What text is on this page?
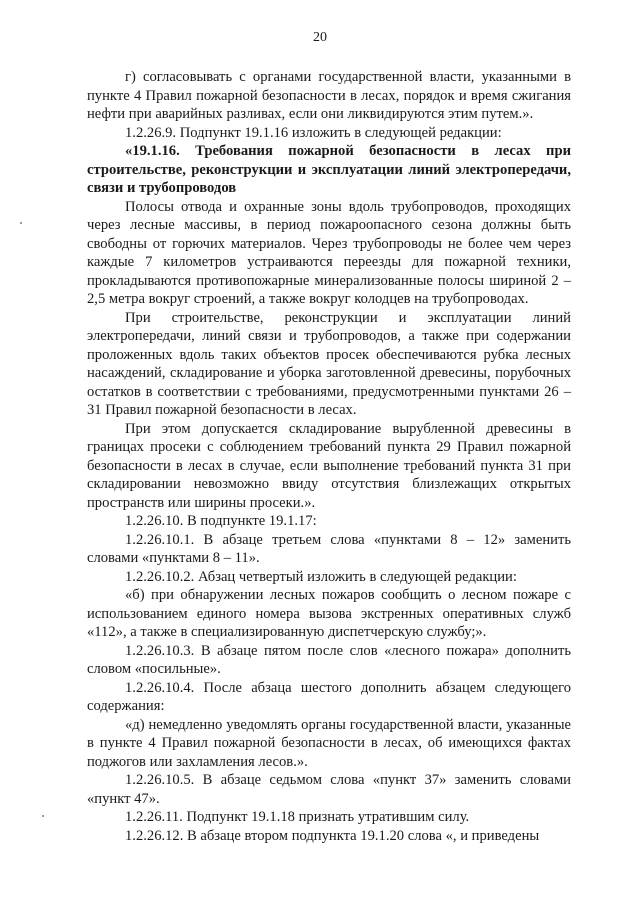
20

г) согласовывать с органами государственной власти, указанными в пункте 4 Правил пожарной безопасности в лесах, порядок и время сжигания нефти при аварийных разливах, если они ликвидируются этим путем.».

1.2.26.9. Подпункт 19.1.16 изложить в следующей редакции:

«19.1.16. Требования пожарной безопасности в лесах при строительстве, реконструкции и эксплуатации линий электропередачи, связи и трубопроводов

Полосы отвода и охранные зоны вдоль трубопроводов, проходящих через лесные массивы, в период пожароопасного сезона должны быть свободны от горючих материалов. Через трубопроводы не более чем через каждые 7 километров устраиваются переезды для пожарной техники, прокладываются противопожарные минерализованные полосы шириной 2 – 2,5 метра вокруг строений, а также вокруг колодцев на трубопроводах.

При строительстве, реконструкции и эксплуатации линий электропередачи, линий связи и трубопроводов, а также при содержании проложенных вдоль таких объектов просек обеспечиваются рубка лесных насаждений, складирование и уборка заготовленной древесины, порубочных остатков в соответствии с требованиями, предусмотренными пунктами 26 – 31 Правил пожарной безопасности в лесах.

При этом допускается складирование вырубленной древесины в границах просеки с соблюдением требований пункта 29 Правил пожарной безопасности в лесах в случае, если выполнение требований пункта 31 при складировании невозможно ввиду отсутствия близлежащих открытых пространств или ширины просеки.».

1.2.26.10. В подпункте 19.1.17:

1.2.26.10.1. В абзаце третьем слова «пунктами 8 – 12» заменить словами «пунктами 8 – 11».

1.2.26.10.2. Абзац четвертый изложить в следующей редакции:

«б) при обнаружении лесных пожаров сообщить о лесном пожаре с использованием единого номера вызова экстренных оперативных служб «112», а также в специализированную диспетчерскую службу;».

1.2.26.10.3. В абзаце пятом после слов «лесного пожара» дополнить словом «посильные».

1.2.26.10.4. После абзаца шестого дополнить абзацем следующего содержания:

«д) немедленно уведомлять органы государственной власти, указанные в пункте 4 Правил пожарной безопасности в лесах, об имеющихся фактах поджогов или захламления лесов.».

1.2.26.10.5. В абзаце седьмом слова «пункт 37» заменить словами «пункт 47».

1.2.26.11. Подпункт 19.1.18 признать утратившим силу.

1.2.26.12. В абзаце втором подпункта 19.1.20 слова «, и приведены
